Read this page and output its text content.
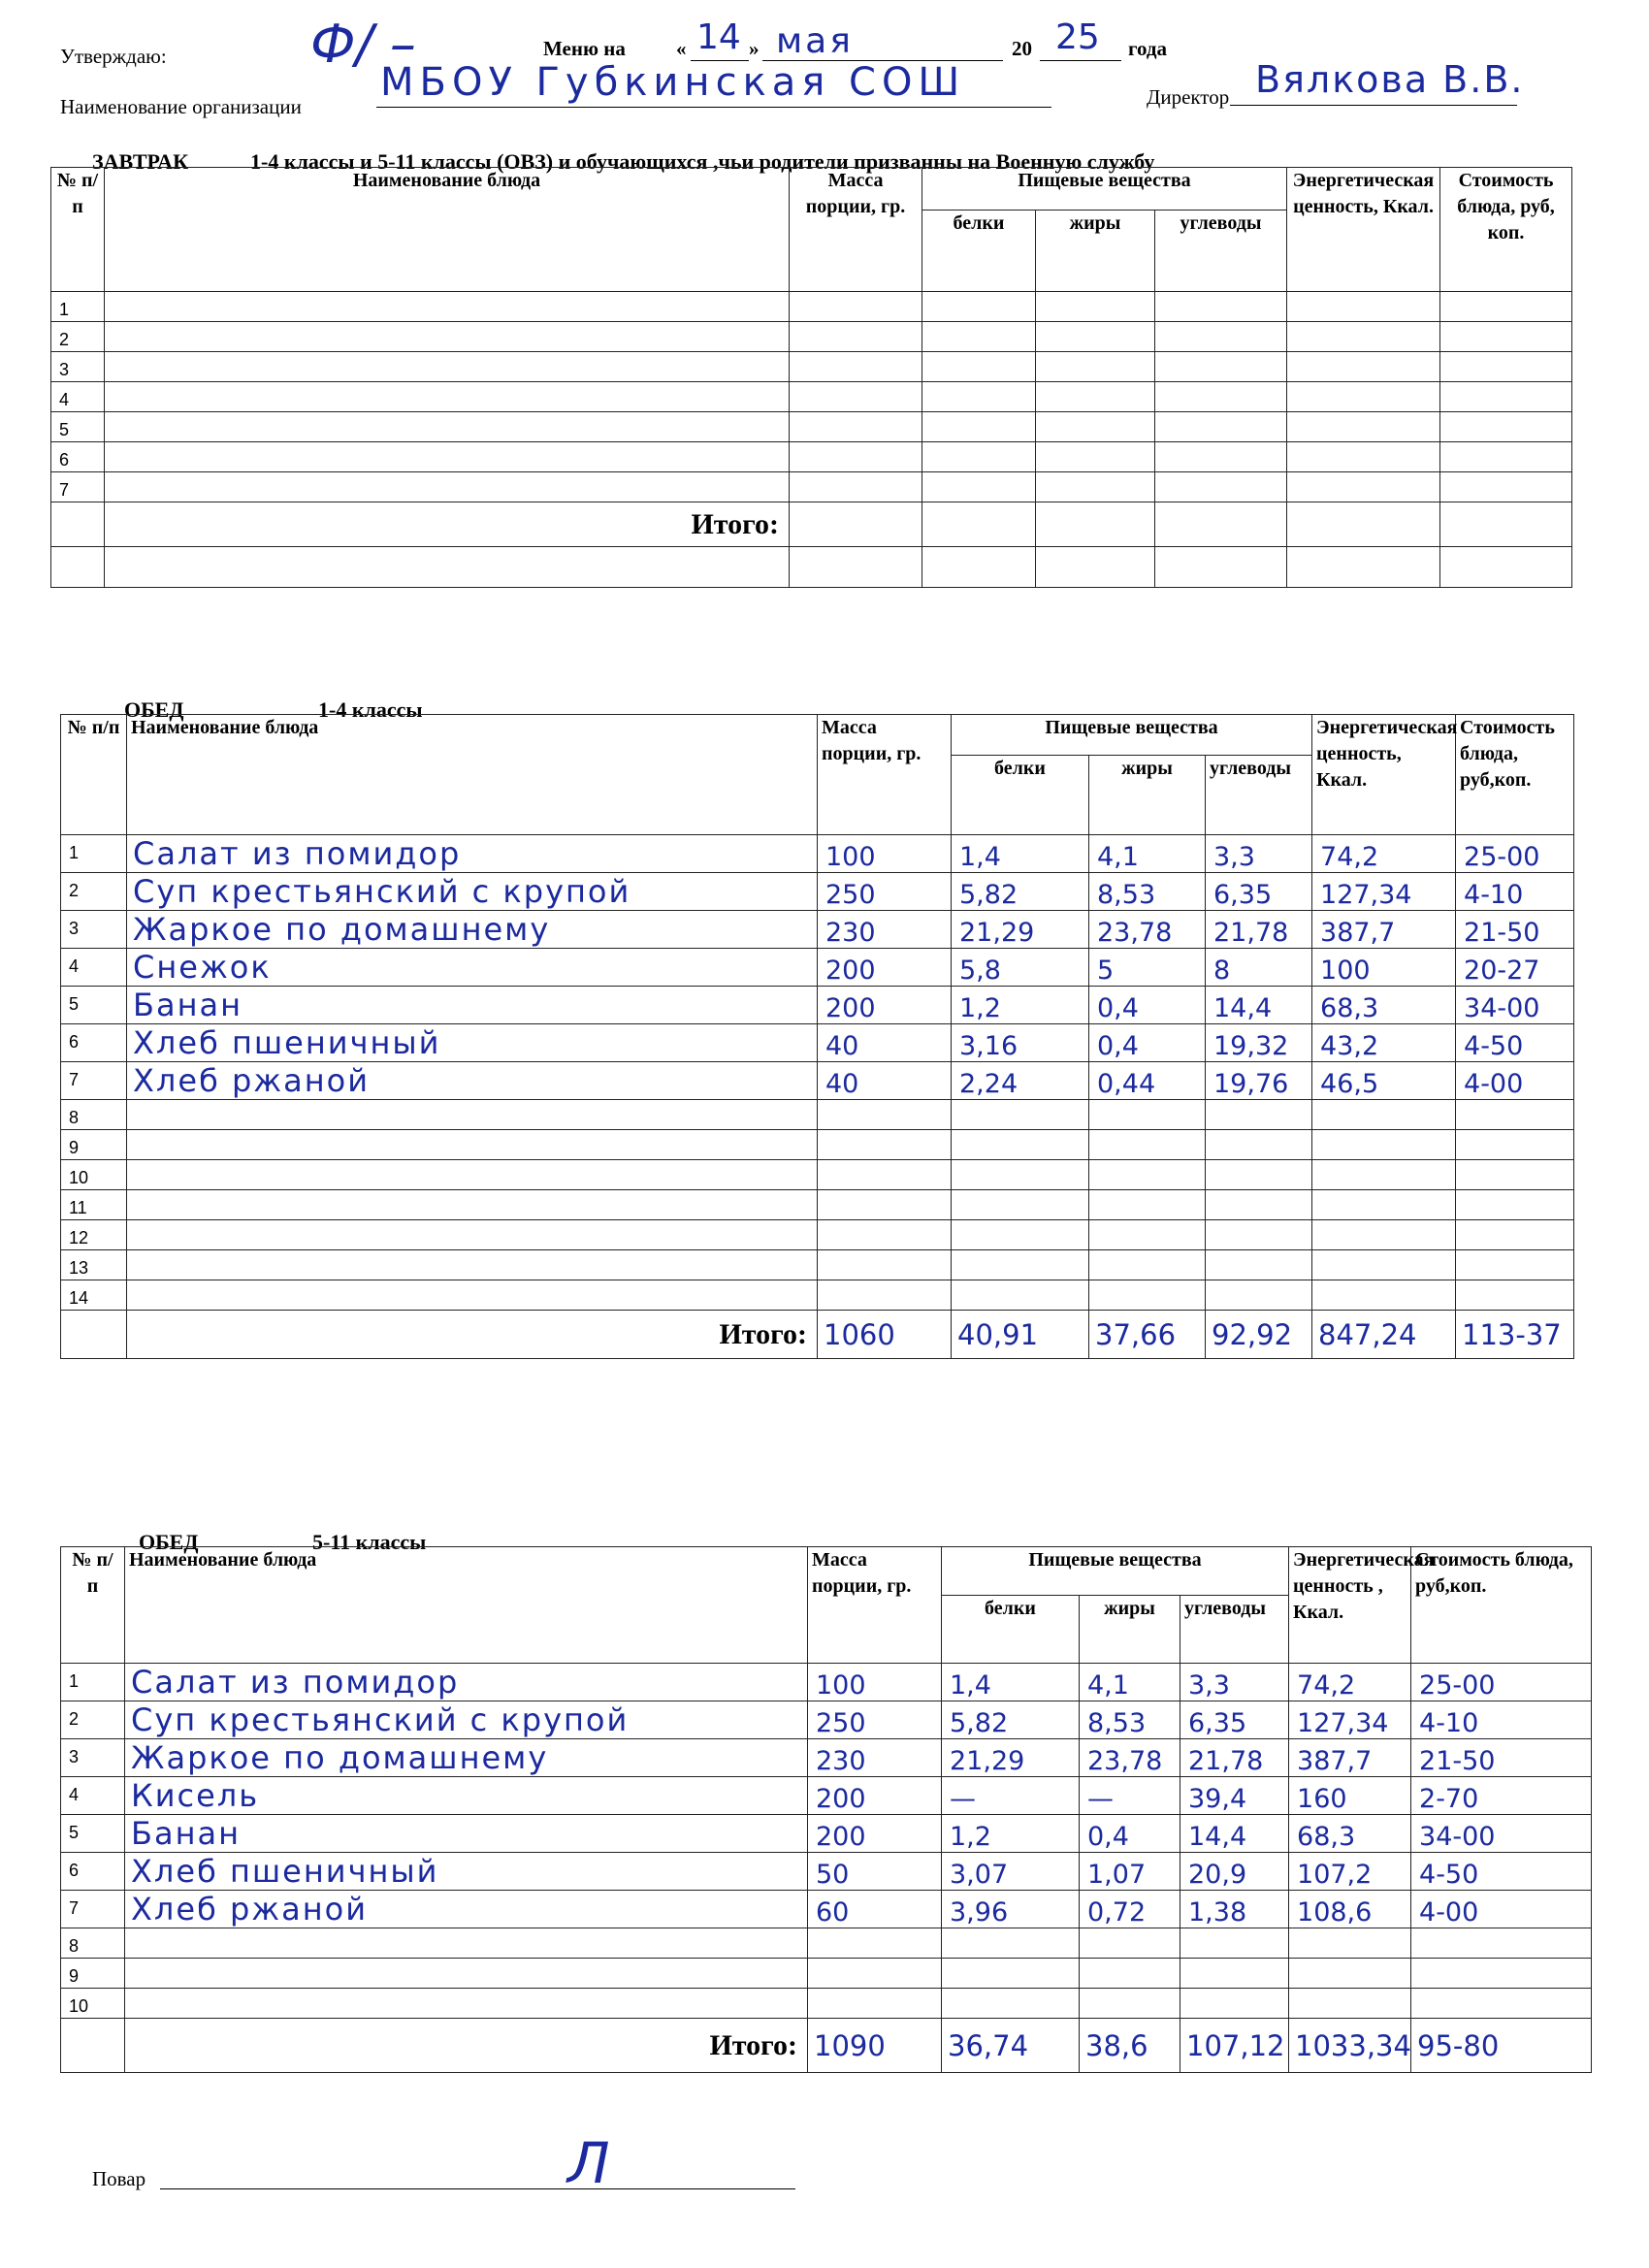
Утверждаю:	Ф/ –	Меню на « 14 » мая	20 25 года
Наименование организации
МБОУ Губкинская СОШ	Директор Вялкова В.В.
ЗАВТРАК	1-4 классы и 5-11 классы (ОВЗ) и обучающихся ,чьи родители призванны на Военную службу
№ п/п	Наименование блюда	Масса порции, гр.	Пищевые вещества			Энергетическая ценность, Ккал.	Стоимость блюда, руб, коп.
			белки	жиры	углеводы		
1							
2							
3							
4							
5							
6							
7							
	Итого:						

ОБЕД	1-4 классы
№ п/п	Наименование блюда	Масса порции, гр.	Пищевые вещества			Энергетическая ценность, Ккал.	Стоимость блюда, руб,коп.
			белки	жиры	углеводы		
1	Салат из помидор	100	1,4	4,1	3,3	74,2	25-00
2	Суп крестьянский с крупой	250	5,82	8,53	6,35	127,34	4-10
3	Жаркое по домашнему	230	21,29	23,78	21,78	387,7	21-50
4	Снежок	200	5,8	5	8	100	20-27
5	Банан	200	1,2	0,4	14,4	68,3	34-00
6	Хлеб пшеничный	40	3,16	0,4	19,32	43,2	4-50
7	Хлеб ржаной	40	2,24	0,44	19,76	46,5	4-00
8							
9							
10							
11							
12							
13							
14							
	Итого:	1060	40,91	37,66	92,92	847,24	113-37
ОБЕД	5-11 классы
№ п/ п	Наименование блюда	Масса порции, гр.	Пищевые вещества			Энергетическая ценность , Ккал.	Стоимость блюда, руб,коп.
			белки	жиры	углеводы		
1	Салат из помидор	100	1,4	4,1	3,3	74,2	25-00
2	Суп крестьянский с крупой	250	5,82	8,53	6,35	127,34	4-10
3	Жаркое по домашнему	230	21,29	23,78	21,78	387,7	21-50
4	Кисель	200	—	—	39,4	160	2-70
5	Банан	200	1,2	0,4	14,4	68,3	34-00
6	Хлеб пшеничный	50	3,07	1,07	20,9	107,2	4-50
7	Хлеб ржаной	60	3,96	0,72	1,38	108,6	4-00
8							
9							
10							
	Итого:	1090	36,74	38,6	107,12	1033,34	95-80
Повар	Л
